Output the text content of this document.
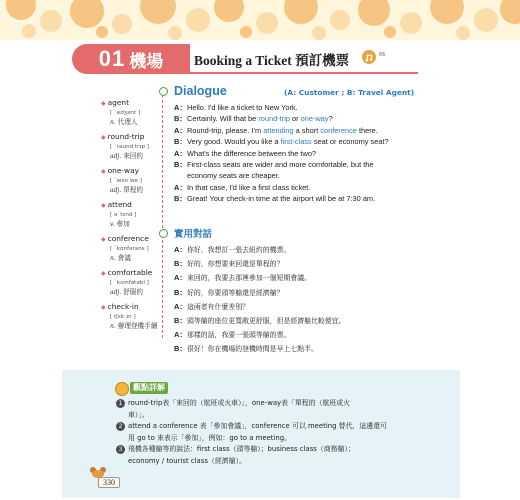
01 機場 Booking a Ticket 預訂機票	66
◆ agent
[ ˋedʒənt ]
n. 代理人
◆ round-trip
[ ˋraund trɪp ]
adj. 來回的
◆ one-way
[ ˋwʌn we ]
adj. 單程的
◆ attend
[ əˋtɛnd ]
v. 參加
◆ conference
[ ˋkɑnfərəns ]
n. 會議
◆ comfortable
[ ˋkʌmfətəbl ]
adj. 舒服的
◆ check-in
[ tʃɛk ɪn ]
n. 辦理登機手續
Dialogue	(A: Customer ; B: Travel Agent)
A： Hello. I'd like a ticket to New York.
B： Certainly. Will that be round-trip or one-way?
A： Round-trip, please. I'm attending a short conference there.
B： Very good. Would you like a first-class seat or economy seat?
A： What's the difference between the two?
B： First-class seats are wider and more comfortable, but the economy seats are cheaper.
A： In that case, I'd like a first class ticket.
B： Great! Your check-in time at the airport will be at 7:30 am.
實用對話
A： 你好，我想訂一張去紐約的機票。
B： 好的，你想要來回還是單程的？
A： 來回的，我要去那裡參加一個短期會議。
B： 好的，你要頭等艙還是經濟艙？
A： 這兩者有什麼差別？
B： 頭等艙的座位更寬敞更舒服，但是經濟艙比較便宜。
A： 那樣的話，我要一張頭等艙的票。
B： 很好！你在機場的登機時間是早上七點半。
觀點詳解
1 round-trip表「來回的（航班或火車）」，one-way表「單程的（航班或火
車）」。
2 attend a conference 表「參加會議」，conference 可以 meeting 替代，這邊還可
用 go to 來表示「參加」，例如：go to a meeting。
3 飛機各種艙等的說法：first class（頭等艙）；business class（商務艙）；
economy / tourist class（經濟艙）。
330
